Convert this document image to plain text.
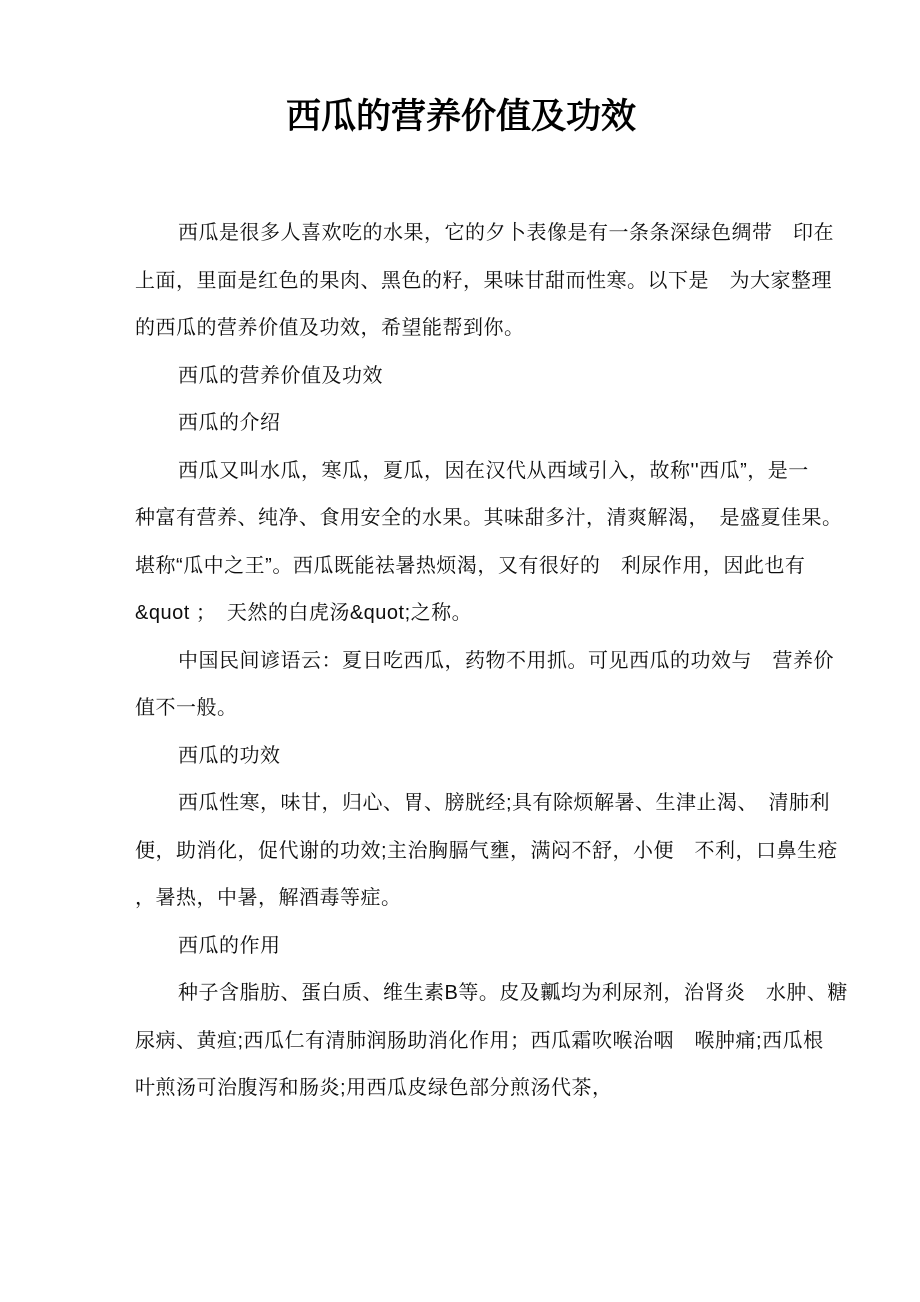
西瓜的营养价值及功效
西瓜是很多人喜欢吃的水果，它的夕卜表像是有一条条深绿色绸带　印在
上面，里面是红色的果肉、黑色的籽，果味甘甜而性寒。以下是　为大家整理
的西瓜的营养价值及功效，希望能帮到你。
西瓜的营养价值及功效
西瓜的介绍
西瓜又叫水瓜，寒瓜，夏瓜，因在汉代从西域引入，故称''西瓜”，是一
种富有营养、纯净、食用安全的水果。其味甜多汁，清爽解渴，　是盛夏佳果。
堪称“瓜中之王”。西瓜既能祛暑热烦渴，又有很好的　利尿作用，因此也有
&quot ；　天然的白虎汤&quot;之称。
中国民间谚语云：夏日吃西瓜，药物不用抓。可见西瓜的功效与　营养价
值不一般。
西瓜的功效
西瓜性寒，味甘，归心、胃、膀胱经;具有除烦解暑、生津止渴、　清肺利
便，助消化，促代谢的功效;主治胸膈气壅，满闷不舒，小便　不利，口鼻生疮
，暑热，中暑，解酒毒等症。
西瓜的作用
种子含脂肪、蛋白质、维生素B等。皮及瓤均为利尿剂，治肾炎　水肿、糖
尿病、黄疸;西瓜仁有清肺润肠助消化作用；西瓜霜吹喉治咽　喉肿痛;西瓜根
叶煎汤可治腹泻和肠炎;用西瓜皮绿色部分煎汤代茶，
